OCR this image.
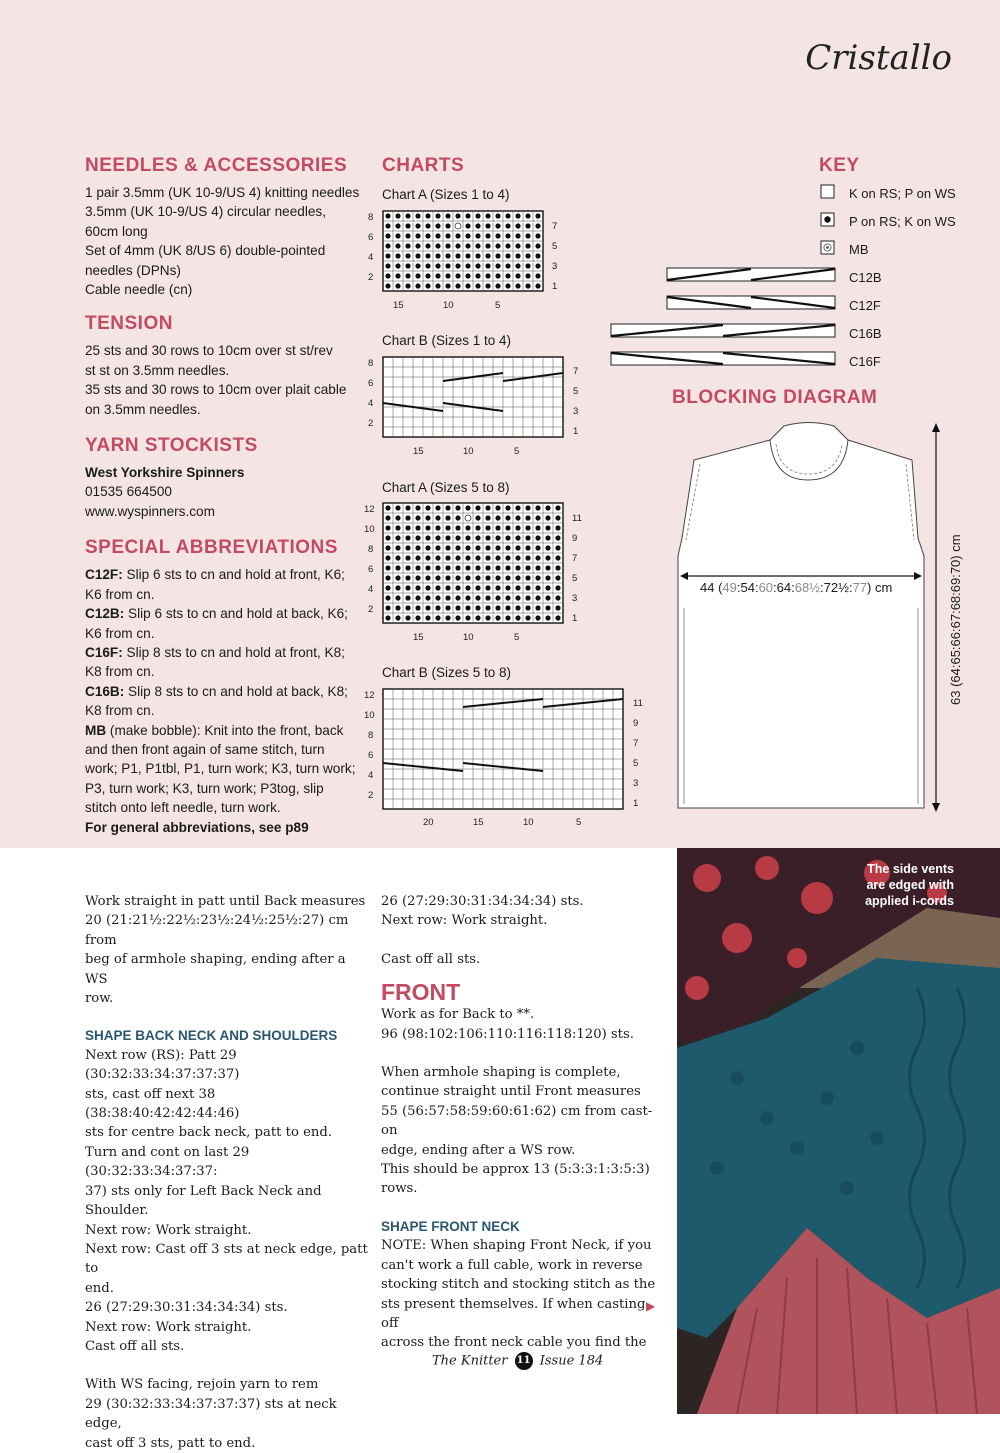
Cristallo
NEEDLES & ACCESSORIES

1 pair 3.5mm (UK 10-9/US 4) knitting needles

3.5mm (UK 10-9/US 4) circular needles,

60cm long

Set of 4mm (UK 8/US 6) double-pointed

needles (DPNs)

Cable needle (cn)

TENSION

25 sts and 30 rows to 10cm over st st/rev

st st on 3.5mm needles.

35 sts and 30 rows to 10cm over plait cable

on 3.5mm needles.

YARN STOCKISTS

West Yorkshire Spinners

01535 664500

www.wyspinners.com

SPECIAL ABBREVIATIONS

C12F: Slip 6 sts to cn and hold at front, K6;

K6 from cn.

C12B: Slip 6 sts to cn and hold at back, K6;

K6 from cn.

C16F: Slip 8 sts to cn and hold at front, K8;

K8 from cn.

C16B: Slip 8 sts to cn and hold at back, K8;

K8 from cn.

MB (make bobble): Knit into the front, back

and then front again of same stitch, turn

work; P1, P1tbl, P1, turn work; K3, turn work;

P3, turn work; K3, turn work; P3tog, slip

stitch onto left needle, turn work.

For general abbreviations, see p89

CHARTS
Chart A (Sizes 1 to 4)
8
6
4
2
7
5
3
1
15	10	5
Chart B (Sizes 1 to 4)
8
6
4
2
7
5
3
1
15	10	5
Chart A (Sizes 5 to 8)
12
10
8
6
4
2
11
9
7
5
3
1
15	10	5
Chart B (Sizes 5 to 8)
12
10
8
6
4
2
11
9
7
5
3
1
20	15	10	5
KEY
K on RS; P on WS
P on RS; K on WS
MB
C12B
C12F
C16B
C16F
BLOCKING DIAGRAM
44 (49:54:60:64:68½:72½:77) cm	63 (64:65:66:67:68:69:70) cm
Work straight in patt until Back measures
20 (21:21½:22½:23½:24½:25½:27) cm from
beg of armhole shaping, ending after a WS
row.
SHAPE BACK NECK AND SHOULDERS
Next row (RS): Patt 29 (30:32:33:34:37:37:37)
sts, cast off next 38 (38:38:40:42:42:44:46)
sts for centre back neck, patt to end.
Turn and cont on last 29 (30:32:33:34:37:37:
37) sts only for Left Back Neck and
Shoulder.
Next row: Work straight.
Next row: Cast off 3 sts at neck edge, patt to
end.
26 (27:29:30:31:34:34:34) sts.
Next row: Work straight.
Cast off all sts.
With WS facing, rejoin yarn to rem
29 (30:32:33:34:37:37:37) sts at neck edge,
cast off 3 sts, patt to end.
26 (27:29:30:31:34:34:34) sts.
Next row: Work straight.
Cast off all sts.
FRONT
Work as for Back to **.
96 (98:102:106:110:116:118:120) sts.
When armhole shaping is complete,
continue straight until Front measures
55 (56:57:58:59:60:61:62) cm from cast-on
edge, ending after a WS row.
This should be approx 13 (5:3:3:1:3:5:3)
rows.
SHAPE FRONT NECK
NOTE: When shaping Front Neck, if you
can't work a full cable, work in reverse
stocking stitch and stocking stitch as the
sts present themselves. If when casting off
across the front neck cable you find the
▶
The side vents
are edged with
applied i-cords
The Knitter 11 Issue 184
